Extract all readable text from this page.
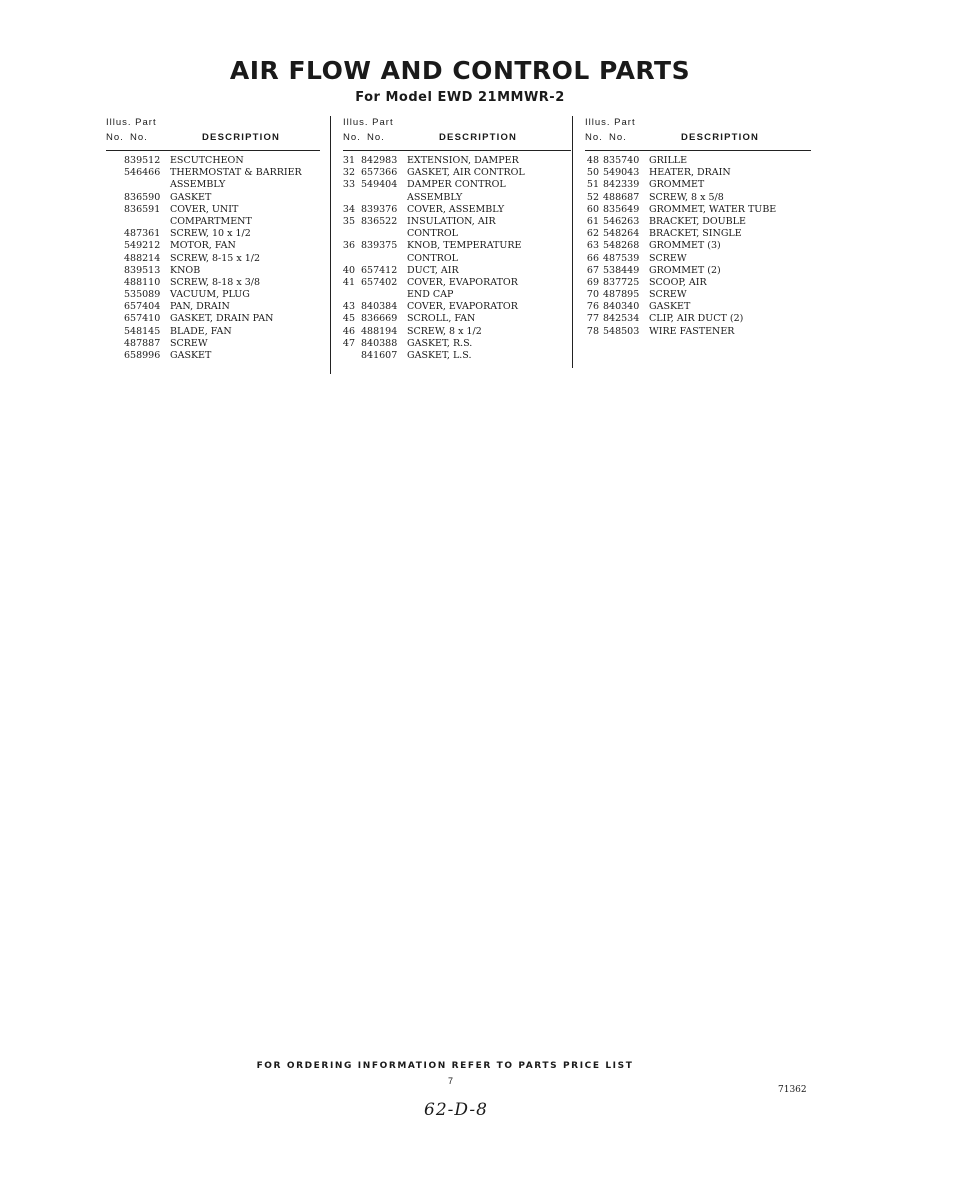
AIR FLOW AND CONTROL PARTS
For Model EWD 21MMWR-2
Illus. Part
No. No.	DESCRIPTION
839512 ESCUTCHEON
546466 THERMOSTAT & BARRIER
ASSEMBLY
836590 GASKET
836591 COVER, UNIT
COMPARTMENT
487361 SCREW, 10 x 1/2
549212 MOTOR, FAN
488214 SCREW, 8-15 x 1/2
839513 KNOB
488110 SCREW, 8-18 x 3/8
535089 VACUUM, PLUG
657404 PAN, DRAIN
657410 GASKET, DRAIN PAN
548145 BLADE, FAN
487887 SCREW
658996 GASKET
Illus. Part
No. No.	DESCRIPTION
31 842983 EXTENSION, DAMPER
32 657366 GASKET, AIR CONTROL
33 549404 DAMPER CONTROL
ASSEMBLY
34 839376 COVER, ASSEMBLY
35 836522 INSULATION, AIR
CONTROL
36 839375 KNOB, TEMPERATURE
CONTROL
40 657412 DUCT, AIR
41 657402 COVER, EVAPORATOR
END CAP
43 840384 COVER, EVAPORATOR
45 836669 SCROLL, FAN
46 488194 SCREW, 8 x 1/2
47 840388 GASKET, R.S.
841607 GASKET, L.S.
Illus. Part
No. No.	DESCRIPTION
48 835740 GRILLE
50 549043 HEATER, DRAIN
51 842339 GROMMET
52 488687 SCREW, 8 x 5/8
60 835649 GROMMET, WATER TUBE
61 546263 BRACKET, DOUBLE
62 548264 BRACKET, SINGLE
63 548268 GROMMET (3)
66 487539 SCREW
67 538449 GROMMET (2)
69 837725 SCOOP, AIR
70 487895 SCREW
76 840340 GASKET
77 842534 CLIP, AIR DUCT (2)
78 548503 WIRE FASTENER
FOR ORDERING INFORMATION REFER TO PARTS PRICE LIST
7
71362
62-D-8
